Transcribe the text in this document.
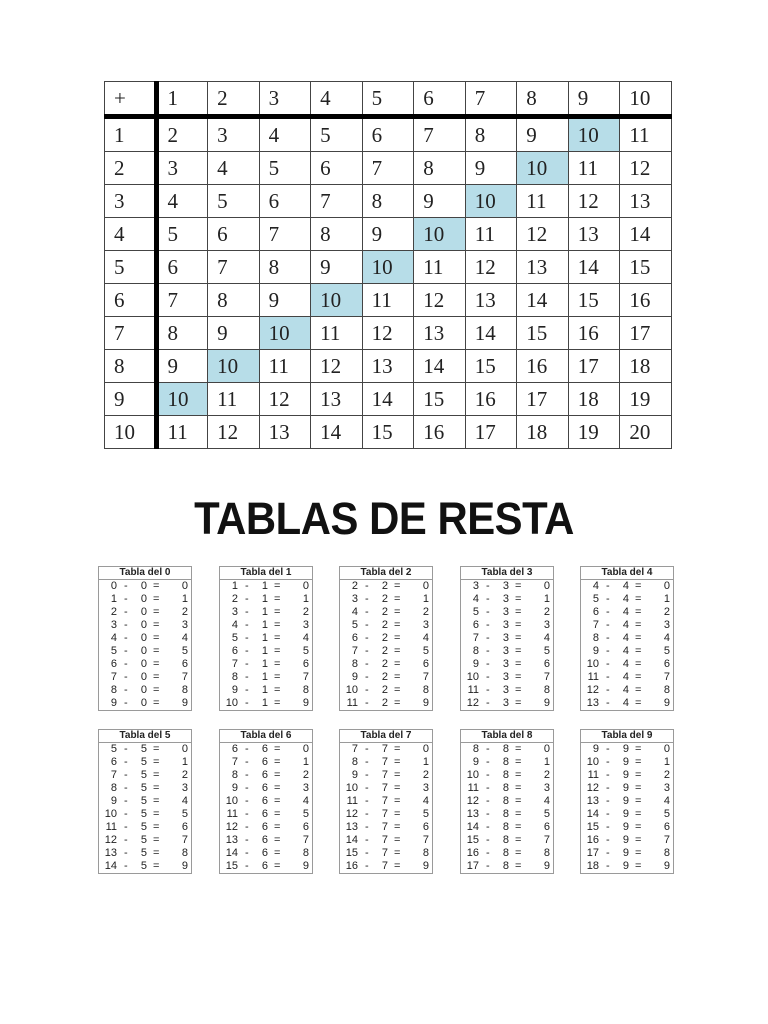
+	1	2	3	4	5	6	7	8	9	10
1	2	3	4	5	6	7	8	9	10	11
2	3	4	5	6	7	8	9	10	11	12
3	4	5	6	7	8	9	10	11	12	13
4	5	6	7	8	9	10	11	12	13	14
5	6	7	8	9	10	11	12	13	14	15
6	7	8	9	10	11	12	13	14	15	16
7	8	9	10	11	12	13	14	15	16	17
8	9	10	11	12	13	14	15	16	17	18
9	10	11	12	13	14	15	16	17	18	19
10	11	12	13	14	15	16	17	18	19	20
TABLAS DE RESTA
Tabla del 0
0 - 0 = 0
1 - 0 = 1
2 - 0 = 2
3 - 0 = 3
4 - 0 = 4
5 - 0 = 5
6 - 0 = 6
7 - 0 = 7
8 - 0 = 8
9 - 0 = 9
Tabla del 1
1 - 1 = 0
2 - 1 = 1
3 - 1 = 2
4 - 1 = 3
5 - 1 = 4
6 - 1 = 5
7 - 1 = 6
8 - 1 = 7
9 - 1 = 8
10 - 1 = 9
Tabla del 2
2 - 2 = 0
3 - 2 = 1
4 - 2 = 2
5 - 2 = 3
6 - 2 = 4
7 - 2 = 5
8 - 2 = 6
9 - 2 = 7
10 - 2 = 8
11 - 2 = 9
Tabla del 3
3 - 3 = 0
4 - 3 = 1
5 - 3 = 2
6 - 3 = 3
7 - 3 = 4
8 - 3 = 5
9 - 3 = 6
10 - 3 = 7
11 - 3 = 8
12 - 3 = 9
Tabla del 4
4 - 4 = 0
5 - 4 = 1
6 - 4 = 2
7 - 4 = 3
8 - 4 = 4
9 - 4 = 5
10 - 4 = 6
11 - 4 = 7
12 - 4 = 8
13 - 4 = 9
Tabla del 5
5 - 5 = 0
6 - 5 = 1
7 - 5 = 2
8 - 5 = 3
9 - 5 = 4
10 - 5 = 5
11 - 5 = 6
12 - 5 = 7
13 - 5 = 8
14 - 5 = 9
Tabla del 6
6 - 6 = 0
7 - 6 = 1
8 - 6 = 2
9 - 6 = 3
10 - 6 = 4
11 - 6 = 5
12 - 6 = 6
13 - 6 = 7
14 - 6 = 8
15 - 6 = 9
Tabla del 7
7 - 7 = 0
8 - 7 = 1
9 - 7 = 2
10 - 7 = 3
11 - 7 = 4
12 - 7 = 5
13 - 7 = 6
14 - 7 = 7
15 - 7 = 8
16 - 7 = 9
Tabla del 8
8 - 8 = 0
9 - 8 = 1
10 - 8 = 2
11 - 8 = 3
12 - 8 = 4
13 - 8 = 5
14 - 8 = 6
15 - 8 = 7
16 - 8 = 8
17 - 8 = 9
Tabla del 9
9 - 9 = 0
10 - 9 = 1
11 - 9 = 2
12 - 9 = 3
13 - 9 = 4
14 - 9 = 5
15 - 9 = 6
16 - 9 = 7
17 - 9 = 8
18 - 9 = 9
